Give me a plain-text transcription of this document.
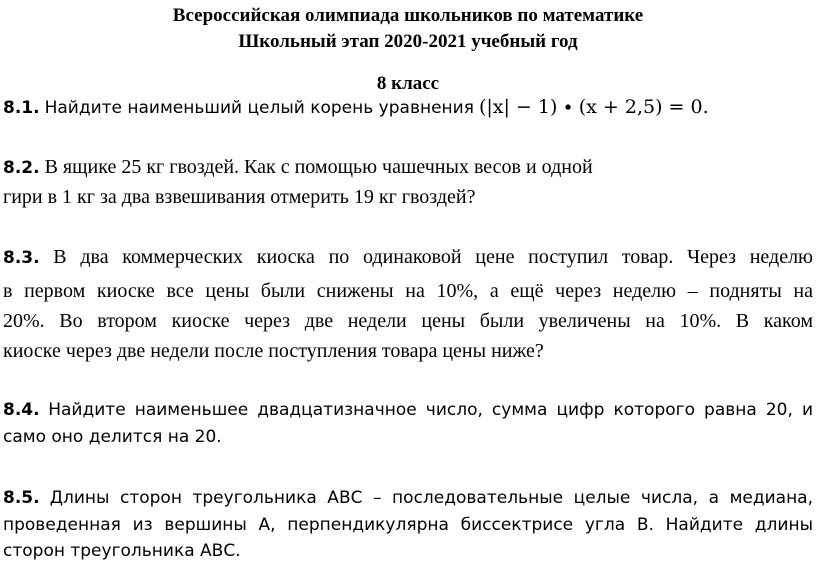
Всероссийская олимпиада школьников по математике
Школьный этап 2020-2021 учебный год
8 класс
8.1. Найдите наименьший целый корень уравнения (|x| − 1) ∙ (x + 2,5) = 0.
8.2. В ящике 25 кг гвоздей. Как с помощью чашечных весов и одной
гири в 1 кг за два взвешивания отмерить 19 кг гвоздей?
8.3. В два коммерческих киоска по одинаковой цене поступил товар. Через неделю
в первом киоске все цены были снижены на 10%, а ещё через неделю – подняты на
20%. Во втором киоске через две недели цены были увеличены на 10%. В каком
киоске через две недели после поступления товара цены ниже?
8.4. Найдите наименьшее двадцатизначное число, сумма цифр которого равна 20, и
само оно делится на 20.
8.5. Длины сторон треугольника АВС – последовательные целые числа, а медиана,
проведенная из вершины А, перпендикулярна биссектрисе угла В. Найдите длины
сторон треугольника АВС.
